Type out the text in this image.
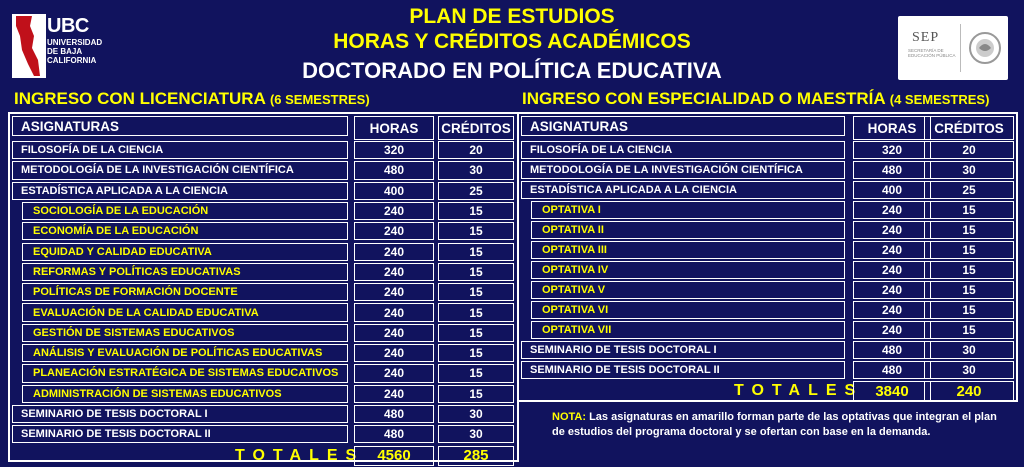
UBC
UNIVERSIDAD
DE BAJA
CALIFORNIA
SEP
SECRETARÍA DE EDUCACIÓN PÚBLICA
PLAN DE ESTUDIOS
HORAS Y CRÉDITOS ACADÉMICOS
DOCTORADO EN POLÍTICA EDUCATIVA
INGRESO CON LICENCIATURA (6 SEMESTRES)	INGRESO CON ESPECIALIDAD O MAESTRÍA (4 SEMESTRES)
ASIGNATURAS	HORAS	CRÉDITOS
FILOSOFÍA DE LA CIENCIA	320	20
METODOLOGÍA DE LA INVESTIGACIÓN CIENTÍFICA	480	30
ESTADÍSTICA APLICADA A LA CIENCIA	400	25
SOCIOLOGÍA DE LA EDUCACIÓN	240	15
ECONOMÍA DE LA EDUCACIÓN	240	15
EQUIDAD Y CALIDAD EDUCATIVA	240	15
REFORMAS Y POLÍTICAS EDUCATIVAS	240	15
POLÍTICAS DE FORMACIÓN DOCENTE	240	15
EVALUACIÓN DE LA CALIDAD EDUCATIVA	240	15
GESTIÓN DE SISTEMAS EDUCATIVOS	240	15
ANÁLISIS Y EVALUACIÓN DE POLÍTICAS EDUCATIVAS	240	15
PLANEACIÓN ESTRATÉGICA DE SISTEMAS EDUCATIVOS	240	15
ADMINISTRACIÓN DE SISTEMAS EDUCATIVOS	240	15
SEMINARIO DE TESIS DOCTORAL I	480	30
SEMINARIO DE TESIS DOCTORAL II	480	30
TOTALES 4560	285
ASIGNATURAS	HORAS	CRÉDITOS
FILOSOFÍA DE LA CIENCIA	320	20
METODOLOGÍA DE LA INVESTIGACIÓN CIENTÍFICA	480	30
ESTADÍSTICA APLICADA A LA CIENCIA	400	25
OPTATIVA I	240	15
OPTATIVA II	240	15
OPTATIVA III	240	15
OPTATIVA IV	240	15
OPTATIVA V	240	15
OPTATIVA VI	240	15
OPTATIVA VII	240	15
SEMINARIO DE TESIS DOCTORAL I	480	30
SEMINARIO DE TESIS DOCTORAL II	480	30
TOTALES 3840	240
NOTA: Las asignaturas en amarillo forman parte de las optativas que integran el plan de estudios del programa doctoral y se ofertan con base en la demanda.
